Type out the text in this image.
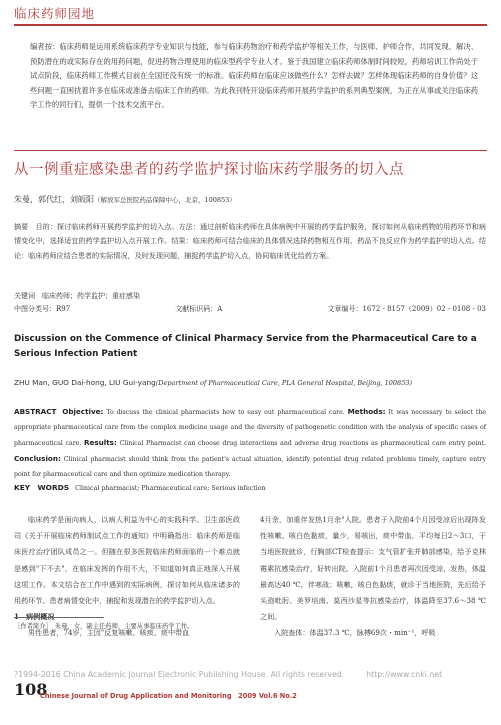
临床药师园地
编者按：临床药师是运用系统临床药学专业知识与技能，参与临床药物治疗和药学监护等相关工作，与医师、护师合作，共同发现、解决、预防潜在的或实际存在的用药问题，促进药物合理使用的临床型药学专业人才。鉴于我国建立临床药师体制时间较短，药师培训工作尚处于试点阶段，临床药师工作模式目前在全国还没有统一的标准。临床药师在临床应该做些什么？怎样去做？怎样体现临床药师的自身价值？这些问题一直困扰着许多在临床或准备去临床工作的药师。为此我刊特开设临床药师开展药学监护的系列典型案例，为正在从事或关注临床药学工作的同行们，提供一个技术交流平台。
从一例重症感染患者的药学监护探讨临床药学服务的切入点
朱曼，郭代红，刘皈阳（解放军总医院药品保障中心，北京，100853）
摘要　目的：探讨临床药师开展药学监护的切入点。方法：通过剖析临床药师在具体病例中开展的药学监护服务，探讨如何从临床药物的用药环节和病情变化中，选择适宜的药学监护切入点开展工作。结果：临床药师可结合临床的具体情况选择药物相互作用、药品不良反应作为药学监护的切入点。结论：临床药师应结合患者的实际情况，及时发现问题，捕捉药学监护切入点，协同临床优化给药方案。
关键词　临床药师；药学监护；重症感染
中图分类号：R97	文献标识码：A	文章编号：1672 - 8157（2009）02 - 0108 - 03
Discussion on the Commence of Clinical Pharmacy Service from the Pharmaceutical Care to a Serious Infection Patient
ZHU Man, GUO Dai-hong, LIU Gui-yang(Department of Pharmaceutical Care, PLA General Hospital, Beijing, 100853)
ABSTRACT Objective: To discuss the clinical pharmacists how to easy out pharmaceutical care. Methods: It was necessary to select the appropriate pharmaceutical care from the complex medicine usage and the diversity of pathogenetic condition with the analysis of specific cases of pharmaceutical care. Results: Clinical Pharmacist can choose drug interactions and adverse drug reactions as pharmaceutical care entry point. Conclusion: Clinical pharmacist should think from the patient's actual situation, identify potential drug related problems timely, capture entry point for pharmaceutical care and then optimize medication therapy.
KEY　WORDS Clinical pharmacist; Pharmaceutical care; Serious infection

临床药学是面向病人，以病人利益为中心的实践科学。卫生部医政司《关于开展临床药师制试点工作的通知》中明确指出：临床药师是临床医疗治疗团队成员之一。但随在很多医院临床药师面临的一个难点就是感到"下不去"，在临床发挥的作用不大，不知道如何真正地深入开展这项工作。本文结合在工作中遇到的实际病例，探讨如何从临床诸多的用药环节、患者病情变化中，捕捉和发现潜在的药学监护切入点。

1　病例概况

男性患者，74岁，主因"反复咳嗽、咳痰、痰中带血

4月余，加重伴发热1月余"入院。患者于入院前4个月因受凉后出现阵发性咳嗽、咳白色黏痰，量少，易咳出，痰中带血，平均每日2～3口，于当地医院就诊，行胸部CT检查提示：支气管扩张并肺部感染，给予克林霉素抗感染治疗，好转出院。入院前1个月患者再次因受凉，发热，体温最高达40 ℃，伴寒战；咳嗽，咳白色黏痰，就诊于当地医院，先后给予头孢吡肟、美罗培南、莫西沙星等抗感染治疗，体温降至37.6～38 ℃之间。

入院查体：体温37.3 ℃，脉搏69次・min⁻¹，呼吸

［作者简介］　朱曼，女，副主任药师，主要从事临床药学工作。
?1994-2016 China Academic Journal Electronic Publishing House. All rights reserved.	http://www.cnki.net
108
Chinese Journal of Drug Application and Monitoring　2009 Vol.6 No.2
